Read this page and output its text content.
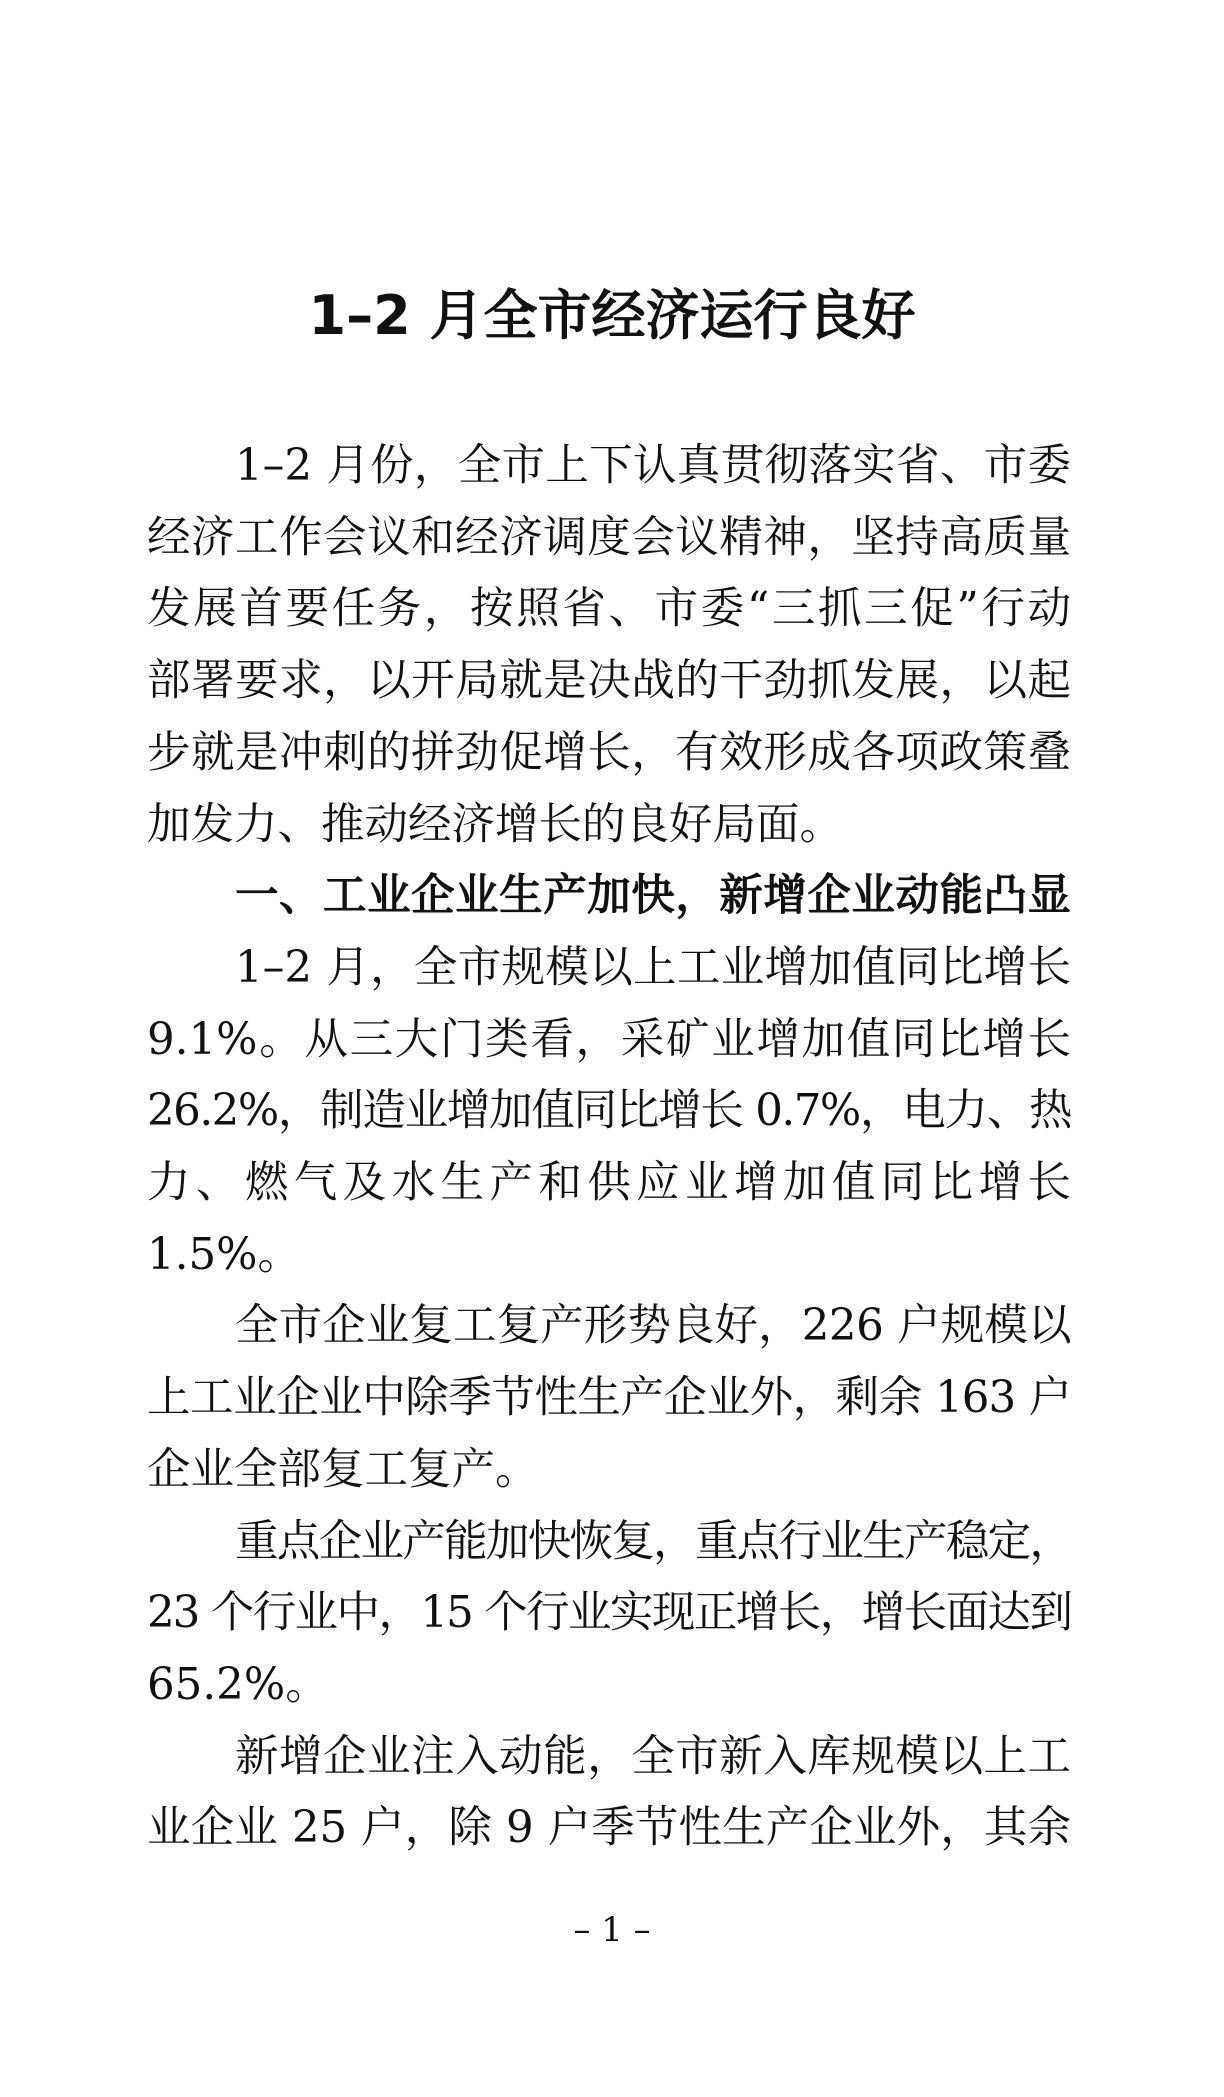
1–2 月全市经济运行良好
1–2 月份，全市上下认真贯彻落实省、市委
经济工作会议和经济调度会议精神，坚持高质量
发展首要任务，按照省、市委“三抓三促”行动
部署要求，以开局就是决战的干劲抓发展，以起
步就是冲刺的拼劲促增长，有效形成各项政策叠
加发力、推动经济增长的良好局面。
一、工业企业生产加快，新增企业动能凸显
1–2 月，全市规模以上工业增加值同比增长
9.1%。从三大门类看，采矿业增加值同比增长
26.2%，制造业增加值同比增长 0.7%，电力、热
力、燃气及水生产和供应业增加值同比增长
1.5%。
全市企业复工复产形势良好，226 户规模以
上工业企业中除季节性生产企业外，剩余 163 户
企业全部复工复产。
重点企业产能加快恢复，重点行业生产稳定，
23 个行业中，15 个行业实现正增长，增长面达到
65.2%。
新增企业注入动能，全市新入库规模以上工
业企业 25 户，除 9 户季节性生产企业外，其余
– 1 –
